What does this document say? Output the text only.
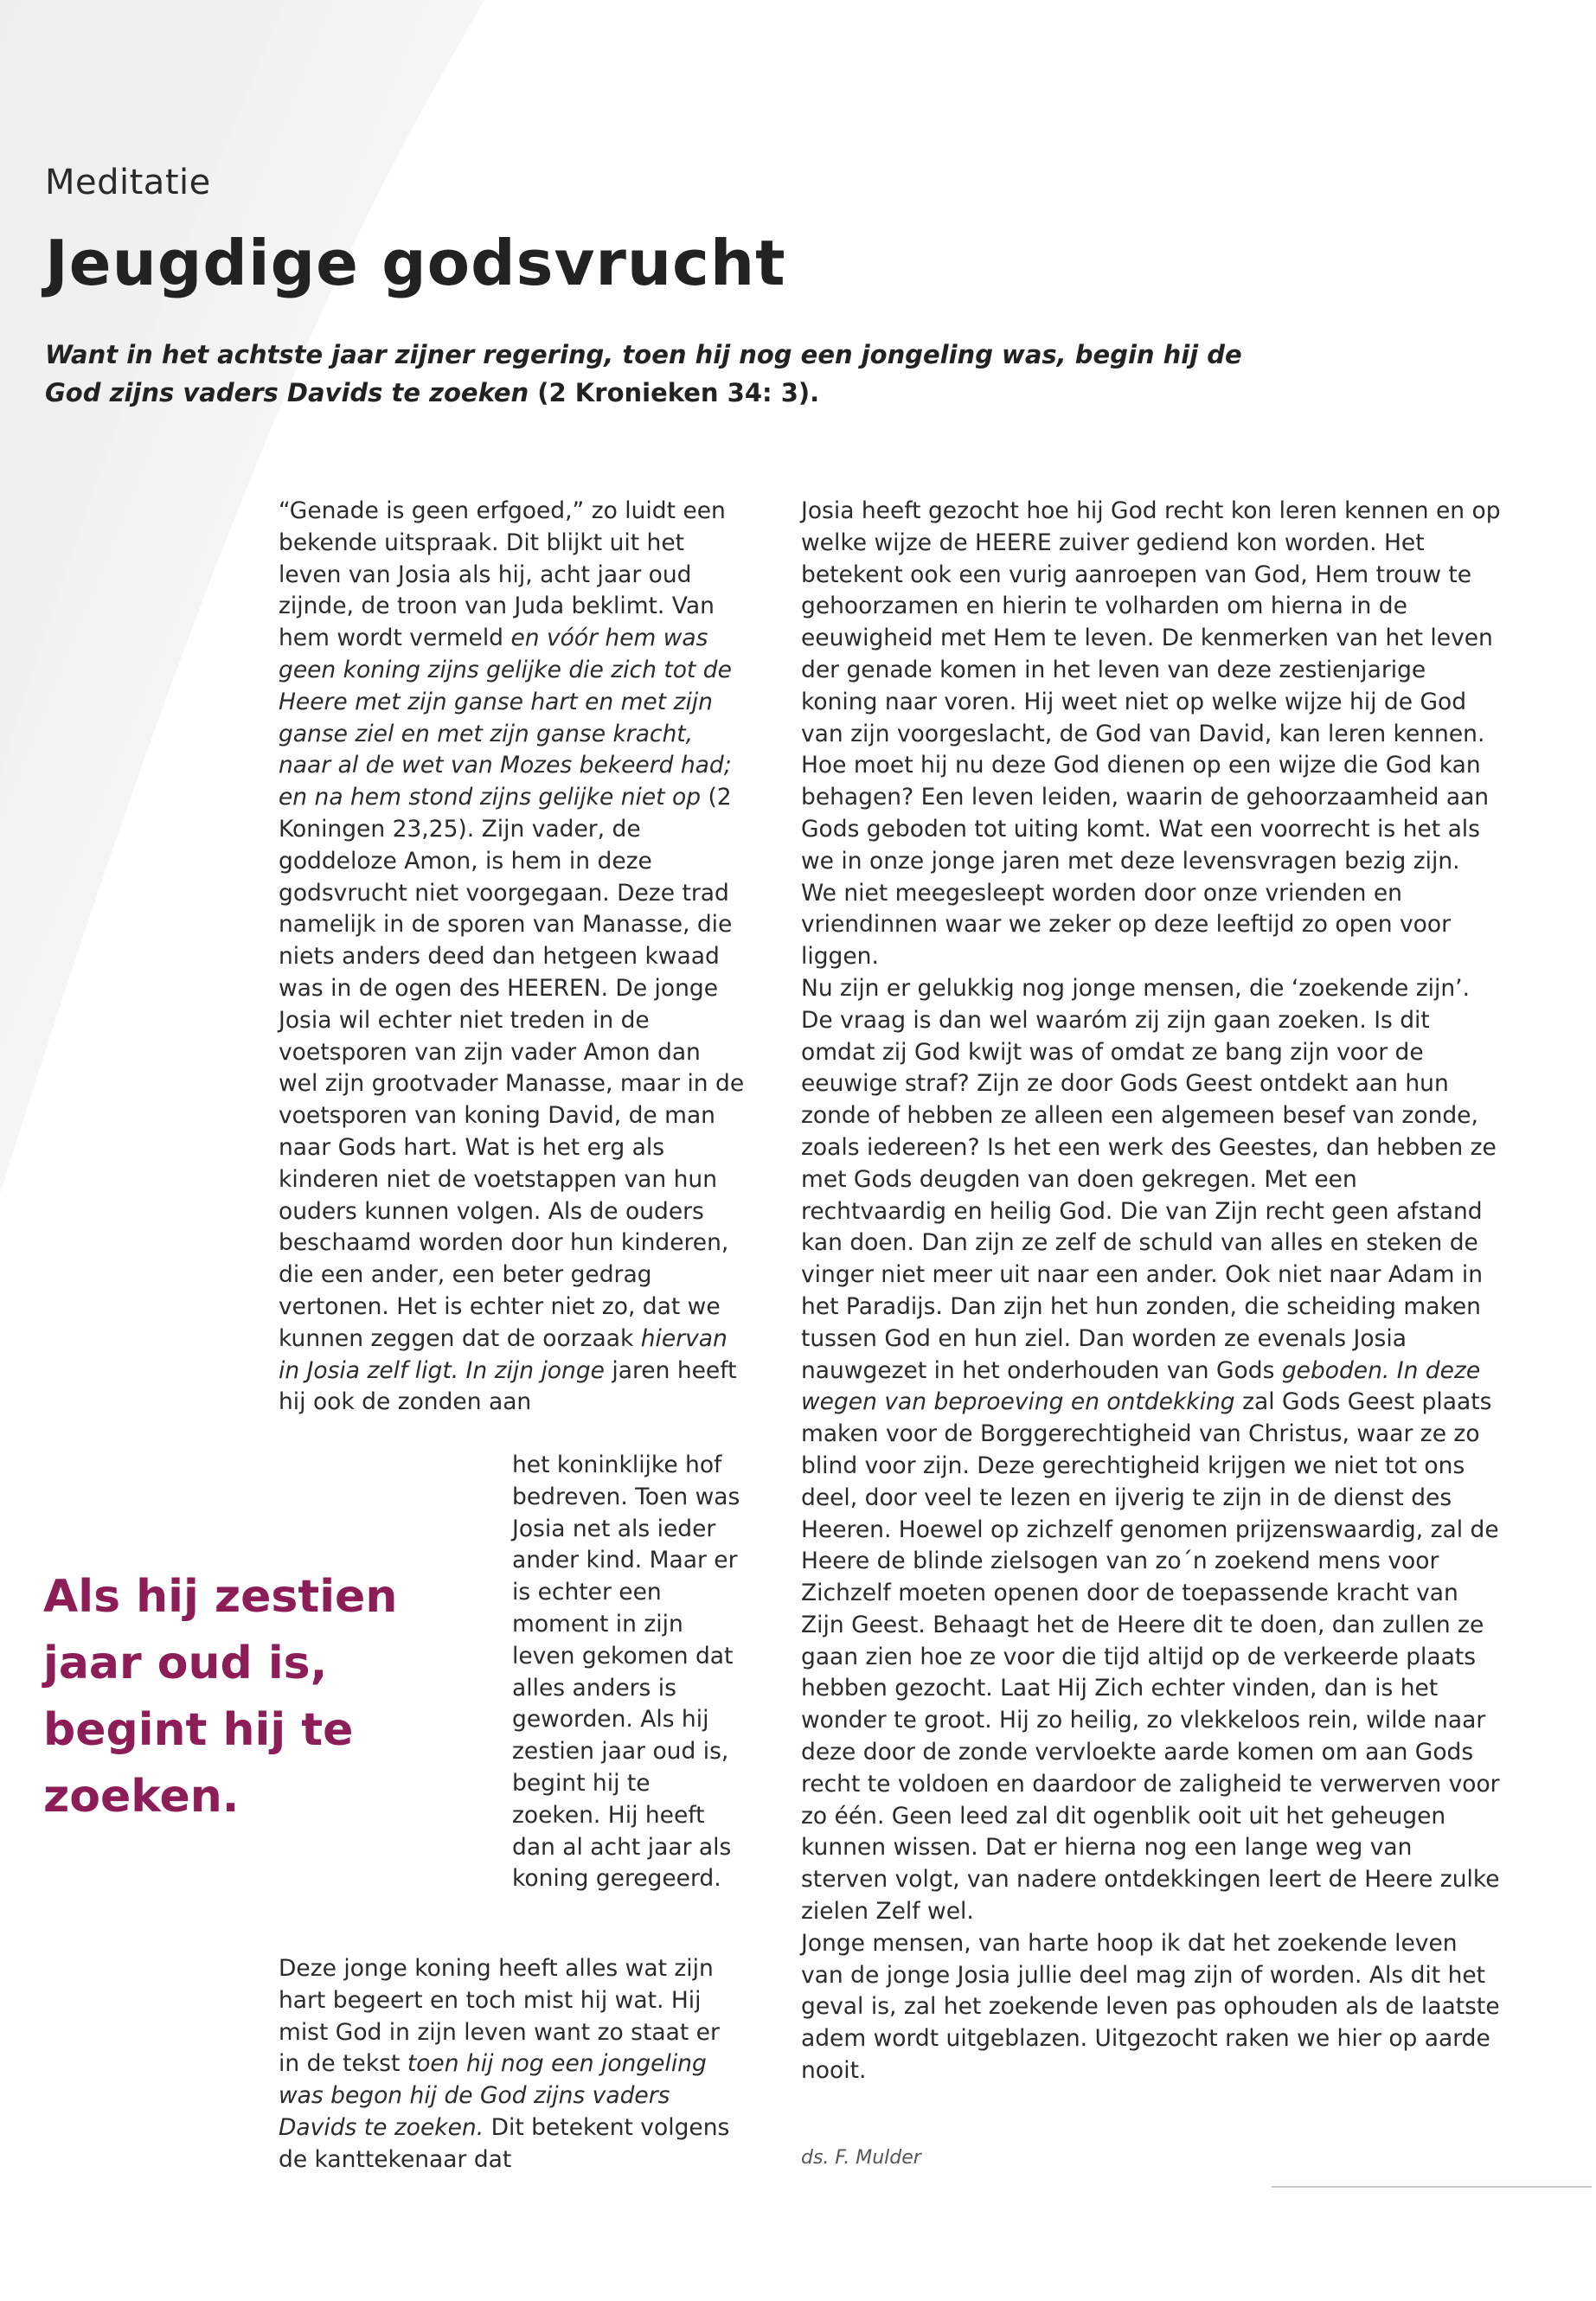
Meditatie
Jeugdige godsvrucht
Want in het achtste jaar zijner regering, toen hij nog een jongeling was, begin hij de God zijns vaders Davids te zoeken (2 Kronieken 34: 3).

“Genade is geen erfgoed,” zo luidt een bekende uitspraak. Dit blijkt uit het leven van Josia als hij, acht jaar oud zijnde, de troon van Juda beklimt. Van hem wordt vermeld en vóór hem was geen koning zijns gelijke die zich tot de Heere met zijn ganse hart en met zijn ganse ziel en met zijn ganse kracht, naar al de wet van Mozes bekeerd had; en na hem stond zijns gelijke niet op (2 Koningen 23,25). Zijn vader, de goddeloze Amon, is hem in deze godsvrucht niet voorgegaan. Deze trad namelijk in de sporen van Manasse, die niets anders deed dan hetgeen kwaad was in de ogen des HEEREN. De jonge Josia wil echter niet treden in de voetsporen van zijn vader Amon dan wel zijn grootvader Manasse, maar in de voetsporen van koning David, de man naar Gods hart. Wat is het erg als kinderen niet de voetstappen van hun ouders kunnen volgen. Als de ouders beschaamd worden door hun kinderen, die een ander, een beter gedrag vertonen. Het is echter niet zo, dat we kunnen zeggen dat de oorzaak hiervan in Josia zelf ligt. In zijn jonge jaren heeft hij ook de zonden aan

het koninklijke hof bedreven. Toen was Josia net als ieder ander kind. Maar er is echter een moment in zijn leven gekomen dat alles anders is geworden. Als hij zestien jaar oud is, begint hij te zoeken. Hij heeft dan al acht jaar als koning geregeerd.

Als hij zestien jaar oud is, begint hij te zoeken.

Deze jonge koning heeft alles wat zijn hart begeert en toch mist hij wat. Hij mist God in zijn leven want zo staat er in de tekst toen hij nog een jongeling was begon hij de God zijns vaders Davids te zoeken. Dit betekent volgens de kanttekenaar dat

Josia heeft gezocht hoe hij God recht kon leren kennen en op welke wijze de HEERE zuiver gediend kon worden. Het betekent ook een vurig aanroepen van God, Hem trouw te gehoorzamen en hierin te volharden om hierna in de eeuwigheid met Hem te leven. De kenmerken van het leven der genade komen in het leven van deze zestienjarige koning naar voren. Hij weet niet op welke wijze hij de God van zijn voorgeslacht, de God van David, kan leren kennen. Hoe moet hij nu deze God dienen op een wijze die God kan behagen? Een leven leiden, waarin de gehoorzaamheid aan Gods geboden tot uiting komt. Wat een voorrecht is het als we in onze jonge jaren met deze levensvragen bezig zijn. We niet meegesleept worden door onze vrienden en vriendinnen waar we zeker op deze leeftijd zo open voor liggen.

Nu zijn er gelukkig nog jonge mensen, die ‘zoekende zijn’. De vraag is dan wel waaróm zij zijn gaan zoeken. Is dit omdat zij God kwijt was of omdat ze bang zijn voor de eeuwige straf? Zijn ze door Gods Geest ontdekt aan hun zonde of hebben ze alleen een algemeen besef van zonde, zoals iedereen? Is het een werk des Geestes, dan hebben ze met Gods deugden van doen gekregen. Met een rechtvaardig en heilig God. Die van Zijn recht geen afstand kan doen. Dan zijn ze zelf de schuld van alles en steken de vinger niet meer uit naar een ander. Ook niet naar Adam in het Paradijs. Dan zijn het hun zonden, die scheiding maken tussen God en hun ziel. Dan worden ze evenals Josia nauwgezet in het onderhouden van Gods geboden. In deze wegen van beproeving en ontdekking zal Gods Geest plaats maken voor de Borggerechtigheid van Christus, waar ze zo blind voor zijn. Deze gerechtigheid krijgen we niet tot ons deel, door veel te lezen en ijverig te zijn in de dienst des Heeren. Hoewel op zichzelf genomen prijzenswaardig, zal de Heere de blinde zielsogen van zo´n zoekend mens voor Zichzelf moeten openen door de toepassende kracht van Zijn Geest. Behaagt het de Heere dit te doen, dan zullen ze gaan zien hoe ze voor die tijd altijd op de verkeerde plaats hebben gezocht. Laat Hij Zich echter vinden, dan is het wonder te groot. Hij zo heilig, zo vlekkeloos rein, wilde naar deze door de zonde vervloekte aarde komen om aan Gods recht te voldoen en daardoor de zaligheid te verwerven voor zo één. Geen leed zal dit ogenblik ooit uit het geheugen kunnen wissen. Dat er hierna nog een lange weg van sterven volgt, van nadere ontdekkingen leert de Heere zulke zielen Zelf wel.

Jonge mensen, van harte hoop ik dat het zoekende leven van de jonge Josia jullie deel mag zijn of worden. Als dit het geval is, zal het zoekende leven pas ophouden als de laatste adem wordt uitgeblazen. Uitgezocht raken we hier op aarde nooit.

ds. F. Mulder
